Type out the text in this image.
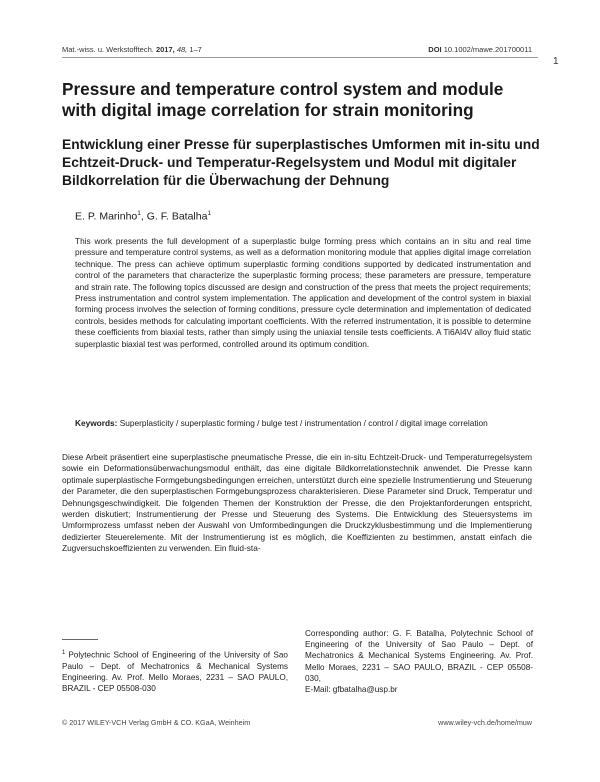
Mat.-wiss. u. Werkstofftech. 2017, 48, 1–7	DOI 10.1002/mawe.201700011
1
Pressure and temperature control system and module with digital image correlation for strain monitoring
Entwicklung einer Presse für superplastisches Umformen mit in-situ und Echtzeit-Druck- und Temperatur-Regelsystem und Modul mit digitaler Bildkorrelation für die Überwachung der Dehnung
E. P. Marinho$^1$, G. F. Batalha$^1$
This work presents the full development of a superplastic bulge forming press which contains an in situ and real time pressure and temperature control systems, as well as a deformation monitoring module that applies digital image correlation technique. The press can achieve optimum superplastic forming conditions supported by dedicated instrumentation and control of the parameters that characterize the superplastic forming process; these parameters are pressure, temperature and strain rate. The following topics discussed are design and construction of the press that meets the project requirements; Press instrumentation and control system implementation. The application and development of the control system in biaxial forming process involves the selection of forming conditions, pressure cycle determination and implementation of dedicated controls, besides methods for calculating important coefficients. With the referred instrumentation, it is possible to determine these coefficients from biaxial tests, rather than simply using the uniaxial tensile tests coefficients. A Ti6Al4V alloy fluid static superplastic biaxial test was performed, controlled around its optimum condition.
Keywords: Superplasticity / superplastic forming / bulge test / instrumentation / control / digital image correlation
Diese Arbeit präsentiert eine superplastische pneumatische Presse, die ein in-situ Echtzeit-Druck- und Temperaturregelsystem sowie ein Deformationsüberwachungsmodul enthält, das eine digitale Bildkorrelationstechnik anwendet. Die Presse kann optimale superplastische Formgebungsbedingungen erreichen, unterstützt durch eine spezielle Instrumentierung und Steuerung der Parameter, die den superplastischen Formgebungsprozess charakterisieren. Diese Parameter sind Druck, Temperatur und Dehnungsgeschwindigkeit. Die folgenden Themen der Konstruktion der Presse, die den Projektanforderungen entspricht, werden diskutiert; Instrumentierung der Presse und Steuerung des Systems. Die Entwicklung des Steuersystems im Umformprozess umfasst neben der Auswahl von Umformbedingungen die Druckzyklusbestimmung und die Implementierung dedizierter Steuerelemente. Mit der Instrumentierung ist es möglich, die Koeffizienten zu bestimmen, anstatt einfach die Zugversuchskoeffizienten zu verwenden. Ein fluid-sta-
$^1$ Polytechnic School of Engineering of the University of Sao Paulo – Dept. of Mechatronics & Mechanical Systems Engineering. Av. Prof. Mello Moraes, 2231 – SAO PAULO, BRAZIL - CEP 05508-030
Corresponding author: G. F. Batalha, Polytechnic School of Engineering of the University of Sao Paulo – Dept. of Mechatronics & Mechanical Systems Engineering. Av. Prof. Mello Moraes, 2231 – SAO PAULO, BRAZIL - CEP 05508-030,
E-Mail: gfbatalha@usp.br
© 2017 WILEY-VCH Verlag GmbH & CO. KGaA, Weinheim	www.wiley-vch.de/home/muw
